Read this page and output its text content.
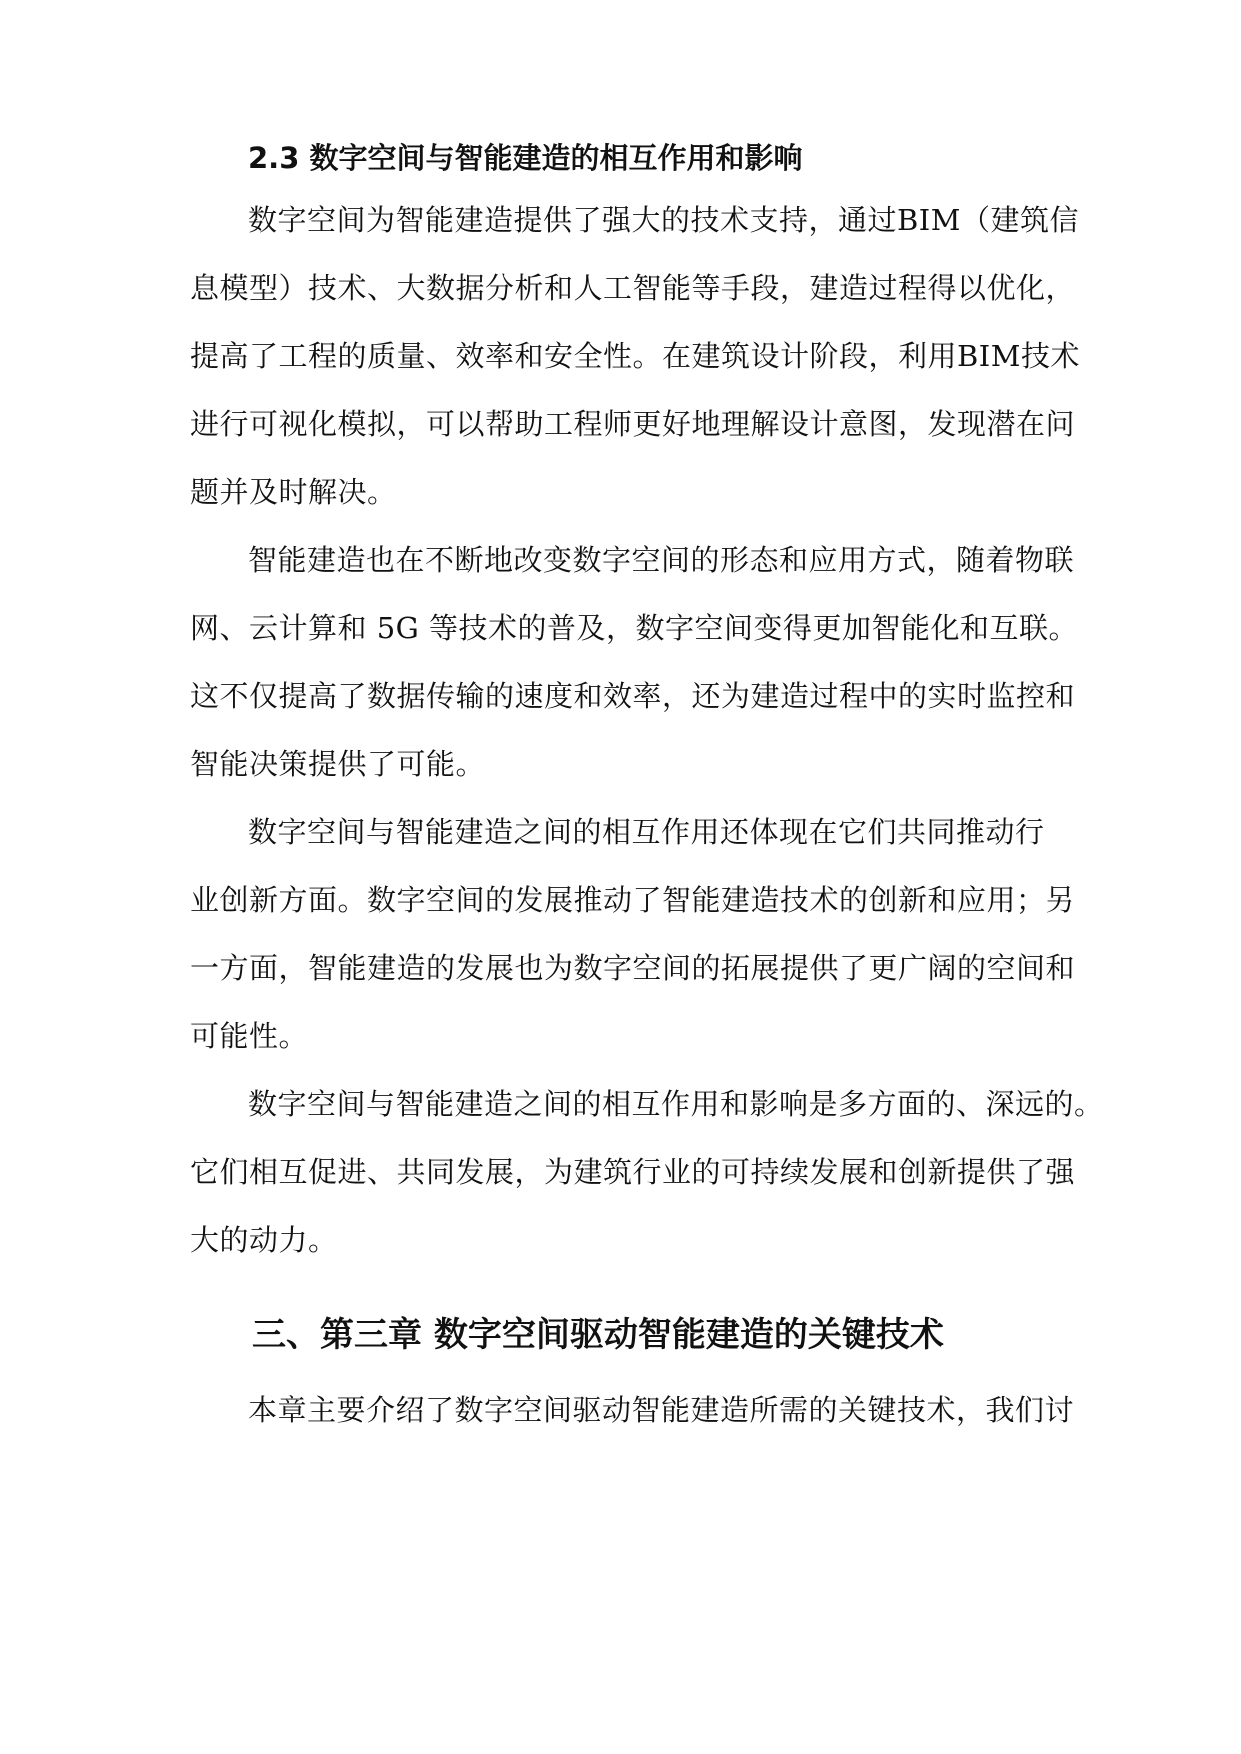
2.3 数字空间与智能建造的相互作用和影响
数字空间为智能建造提供了强大的技术支持，通过BIM（建筑信
息模型）技术、大数据分析和人工智能等手段，建造过程得以优化，
提高了工程的质量、效率和安全性。在建筑设计阶段，利用BIM技术
进行可视化模拟，可以帮助工程师更好地理解设计意图，发现潜在问
题并及时解决。
智能建造也在不断地改变数字空间的形态和应用方式，随着物联
网、云计算和 5G 等技术的普及，数字空间变得更加智能化和互联。
这不仅提高了数据传输的速度和效率，还为建造过程中的实时监控和
智能决策提供了可能。
数字空间与智能建造之间的相互作用还体现在它们共同推动行
业创新方面。数字空间的发展推动了智能建造技术的创新和应用；另
一方面，智能建造的发展也为数字空间的拓展提供了更广阔的空间和
可能性。
数字空间与智能建造之间的相互作用和影响是多方面的、深远的。
它们相互促进、共同发展，为建筑行业的可持续发展和创新提供了强
大的动力。
三、第三章 数字空间驱动智能建造的关键技术
本章主要介绍了数字空间驱动智能建造所需的关键技术，我们讨
